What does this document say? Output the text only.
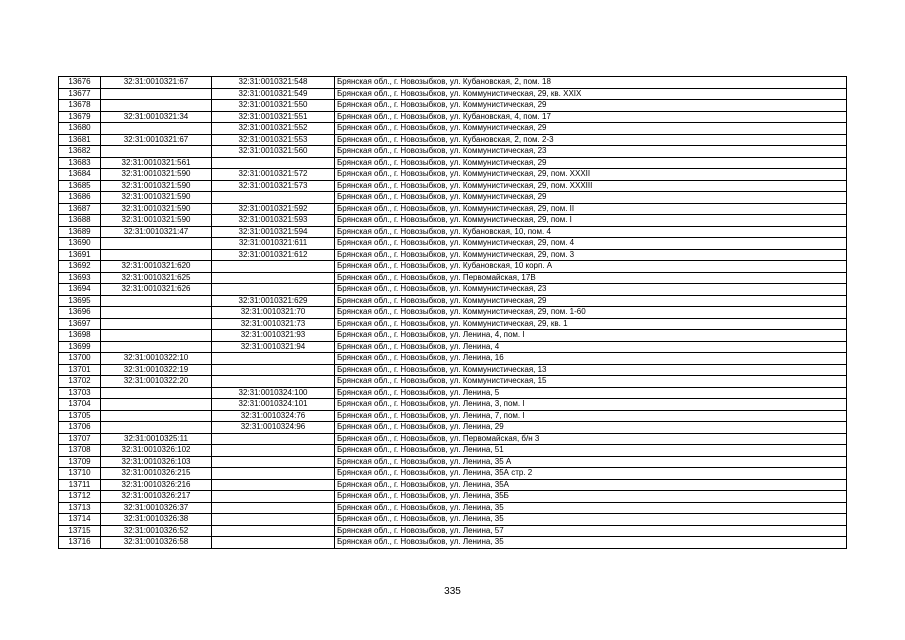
13676	32:31:0010321:67	32:31:0010321:548	Брянская обл., г. Новозыбков, ул. Кубановская, 2, пом. 18
13677		32:31:0010321:549	Брянская обл., г. Новозыбков, ул. Коммунистическая, 29, кв. XXIX
13678		32:31:0010321:550	Брянская обл., г. Новозыбков, ул. Коммунистическая, 29
13679	32:31:0010321:34	32:31:0010321:551	Брянская обл., г. Новозыбков, ул. Кубановская, 4, пом. 17
13680		32:31:0010321:552	Брянская обл., г. Новозыбков, ул. Коммунистическая, 29
13681	32:31:0010321:67	32:31:0010321:553	Брянская обл., г. Новозыбков, ул. Кубановская, 2, пом. 2-3
13682		32:31:0010321:560	Брянская обл., г. Новозыбков, ул. Коммунистическая, 23
13683	32:31:0010321:561		Брянская обл., г. Новозыбков, ул. Коммунистическая, 29
13684	32:31:0010321:590	32:31:0010321:572	Брянская обл., г. Новозыбков, ул. Коммунистическая, 29, пом. XXXII
13685	32:31:0010321:590	32:31:0010321:573	Брянская обл., г. Новозыбков, ул. Коммунистическая, 29, пом. XXXIII
13686	32:31:0010321:590		Брянская обл., г. Новозыбков, ул. Коммунистическая, 29
13687	32:31:0010321:590	32:31:0010321:592	Брянская обл., г. Новозыбков, ул. Коммунистическая, 29, пом. II
13688	32:31:0010321:590	32:31:0010321:593	Брянская обл., г. Новозыбков, ул. Коммунистическая, 29, пом. I
13689	32:31:0010321:47	32:31:0010321:594	Брянская обл., г. Новозыбков, ул. Кубановская, 10, пом. 4
13690		32:31:0010321:611	Брянская обл., г. Новозыбков, ул. Коммунистическая, 29, пом. 4
13691		32:31:0010321:612	Брянская обл., г. Новозыбков, ул. Коммунистическая, 29, пом. 3
13692	32:31:0010321:620		Брянская обл., г. Новозыбков, ул. Кубановская, 10 корп. А
13693	32:31:0010321:625		Брянская обл., г. Новозыбков, ул. Первомайская, 17В
13694	32:31:0010321:626		Брянская обл., г. Новозыбков, ул. Коммунистическая, 23
13695		32:31:0010321:629	Брянская обл., г. Новозыбков, ул. Коммунистическая, 29
13696		32:31:0010321:70	Брянская обл., г. Новозыбков, ул. Коммунистическая, 29, пом. 1-60
13697		32:31:0010321:73	Брянская обл., г. Новозыбков, ул. Коммунистическая, 29, кв. 1
13698		32:31:0010321:93	Брянская обл., г. Новозыбков, ул. Ленина, 4, пом. I
13699		32:31:0010321:94	Брянская обл., г. Новозыбков, ул. Ленина, 4
13700	32:31:0010322:10		Брянская обл., г. Новозыбков, ул. Ленина, 16
13701	32:31:0010322:19		Брянская обл., г. Новозыбков, ул. Коммунистическая, 13
13702	32:31:0010322:20		Брянская обл., г. Новозыбков, ул. Коммунистическая, 15
13703		32:31:0010324:100	Брянская обл., г. Новозыбков, ул. Ленина, 5
13704		32:31:0010324:101	Брянская обл., г. Новозыбков, ул. Ленина, 3, пом. I
13705		32:31:0010324:76	Брянская обл., г. Новозыбков, ул. Ленина, 7, пом. I
13706		32:31:0010324:96	Брянская обл., г. Новозыбков, ул. Ленина, 29
13707	32:31:0010325:11		Брянская обл., г. Новозыбков, ул. Первомайская, б/н 3
13708	32:31:0010326:102		Брянская обл., г. Новозыбков, ул. Ленина, 51
13709	32:31:0010326:103		Брянская обл., г. Новозыбков, ул. Ленина, 35 А
13710	32:31:0010326:215		Брянская обл., г. Новозыбков, ул. Ленина, 35А стр. 2
13711	32:31:0010326:216		Брянская обл., г. Новозыбков, ул. Ленина, 35А
13712	32:31:0010326:217		Брянская обл., г. Новозыбков, ул. Ленина, 35Б
13713	32:31:0010326:37		Брянская обл., г. Новозыбков, ул. Ленина, 35
13714	32:31:0010326:38		Брянская обл., г. Новозыбков, ул. Ленина, 35
13715	32:31:0010326:52		Брянская обл., г. Новозыбков, ул. Ленина, 57
13716	32:31:0010326:58		Брянская обл., г. Новозыбков, ул. Ленина, 35
335
